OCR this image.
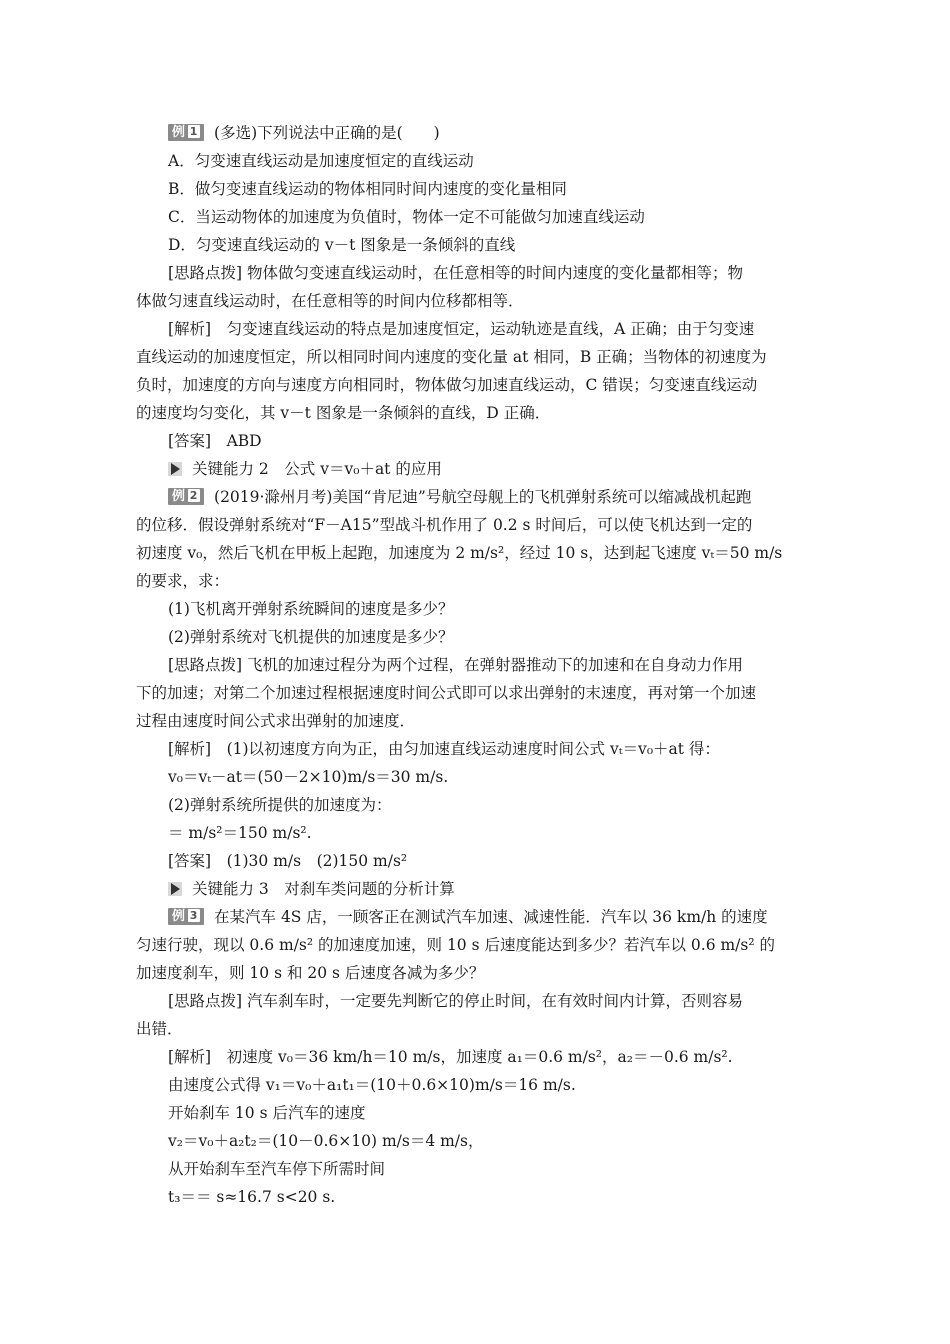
例 1 (多选)下列说法中正确的是(　　)
A．匀变速直线运动是加速度恒定的直线运动
B．做匀变速直线运动的物体相同时间内速度的变化量相同
C．当运动物体的加速度为负值时，物体一定不可能做匀加速直线运动
D．匀变速直线运动的 v－t 图象是一条倾斜的直线
[思路点拨] 物体做匀变速直线运动时，在任意相等的时间内速度的变化量都相等；物
体做匀速直线运动时，在任意相等的时间内位移都相等．
[解析]　匀变速直线运动的特点是加速度恒定，运动轨迹是直线，A 正确；由于匀变速
直线运动的加速度恒定，所以相同时间内速度的变化量 at 相同，B 正确；当物体的初速度为
负时，加速度的方向与速度方向相同时，物体做匀加速直线运动，C 错误；匀变速直线运动
的速度均匀变化，其 v－t 图象是一条倾斜的直线，D 正确．
[答案]　ABD
关键能力 2　公式 v＝v₀＋at 的应用
例 2 (2019·滁州月考)美国“肯尼迪”号航空母舰上的飞机弹射系统可以缩减战机起跑
的位移．假设弹射系统对“F－A15”型战斗机作用了 0.2 s 时间后，可以使飞机达到一定的
初速度 v₀，然后飞机在甲板上起跑，加速度为 2 m/s²，经过 10 s，达到起飞速度 vₜ＝50 m/s
的要求，求：
(1)飞机离开弹射系统瞬间的速度是多少？
(2)弹射系统对飞机提供的加速度是多少？
[思路点拨] 飞机的加速过程分为两个过程，在弹射器推动下的加速和在自身动力作用
下的加速；对第二个加速过程根据速度时间公式即可以求出弹射的末速度，再对第一个加速
过程由速度时间公式求出弹射的加速度．
[解析]　(1)以初速度方向为正，由匀加速直线运动速度时间公式 vₜ＝v₀＋at 得：
v₀＝vₜ－at＝(50－2×10)m/s＝30 m/s.
(2)弹射系统所提供的加速度为：
＝ m/s²＝150 m/s².
[答案]　(1)30 m/s　(2)150 m/s²
关键能力 3　对刹车类问题的分析计算
例 3 在某汽车 4S 店，一顾客正在测试汽车加速、减速性能．汽车以 36 km/h 的速度
匀速行驶，现以 0.6 m/s² 的加速度加速，则 10 s 后速度能达到多少？若汽车以 0.6 m/s² 的
加速度刹车，则 10 s 和 20 s 后速度各减为多少？
[思路点拨] 汽车刹车时，一定要先判断它的停止时间，在有效时间内计算，否则容易
出错．
[解析]　初速度 v₀＝36 km/h＝10 m/s，加速度 a₁＝0.6 m/s²，a₂＝－0.6 m/s².
由速度公式得 v₁＝v₀＋a₁t₁＝(10＋0.6×10)m/s＝16 m/s.
开始刹车 10 s 后汽车的速度
v₂＝v₀＋a₂t₂＝(10－0.6×10) m/s＝4 m/s，
从开始刹车至汽车停下所需时间
t₃＝＝ s≈16.7 s<20 s.
